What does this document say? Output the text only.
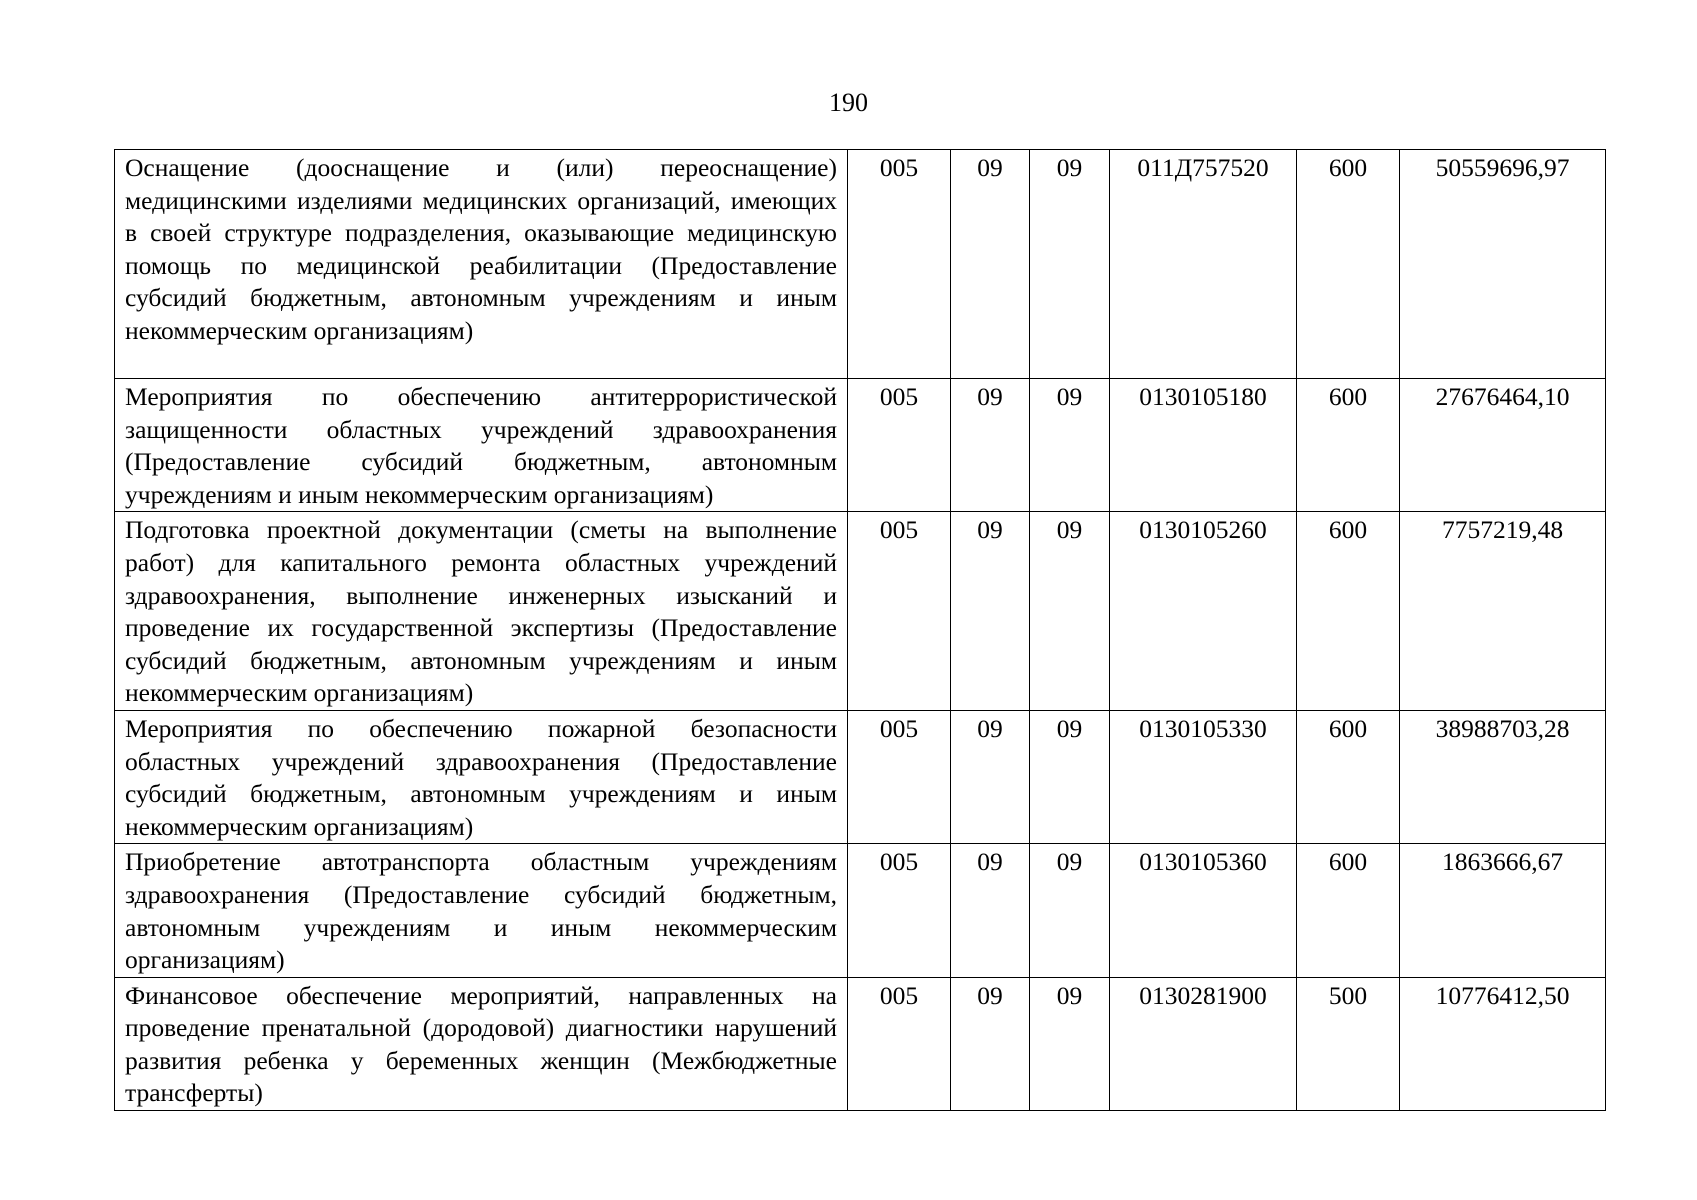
190
Оснащение (дооснащение и (или) переоснащение) медицинскими изделиями медицинских организаций, имеющих в своей структуре подразделения, оказывающие медицинскую помощь по медицинской реабилитации (Предоставление субсидий бюджетным, автономным учреждениям и иным некоммерческим организациям)	005	09	09	011Д757520	600	50559696,97
Мероприятия по обеспечению антитеррористической защищенности областных учреждений здравоохранения (Предоставление субсидий бюджетным, автономным учреждениям и иным некоммерческим организациям)	005	09	09	0130105180	600	27676464,10
Подготовка проектной документации (сметы на выполнение работ) для капитального ремонта областных учреждений здравоохранения, выполнение инженерных изысканий и проведение их государственной экспертизы (Предоставление субсидий бюджетным, автономным учреждениям и иным некоммерческим организациям)	005	09	09	0130105260	600	7757219,48
Мероприятия по обеспечению пожарной безопасности областных учреждений здравоохранения (Предоставление субсидий бюджетным, автономным учреждениям и иным некоммерческим организациям)	005	09	09	0130105330	600	38988703,28
Приобретение автотранспорта областным учреждениям здравоохранения (Предоставление субсидий бюджетным, автономным учреждениям и иным некоммерческим организациям)	005	09	09	0130105360	600	1863666,67
Финансовое обеспечение мероприятий, направленных на проведение пренатальной (дородовой) диагностики нарушений развития ребенка у беременных женщин (Межбюджетные трансферты)	005	09	09	0130281900	500	10776412,50
